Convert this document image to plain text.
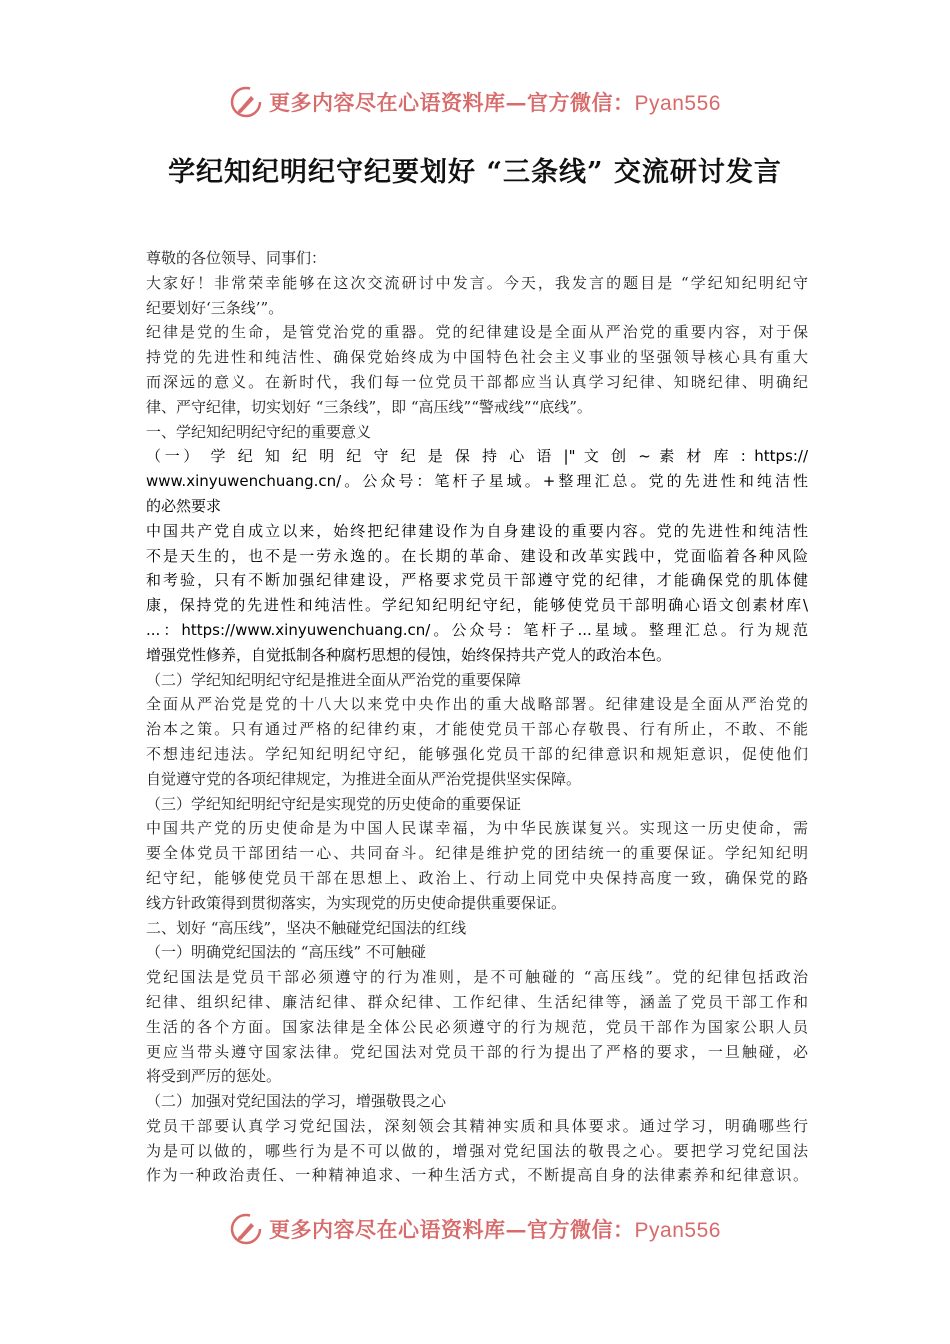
更多内容尽在心语资料库—官方微信：Pyan556
学纪知纪明纪守纪要划好 “三条线” 交流研讨发言
尊敬的各位领导、同事们：
大家好！非常荣幸能够在这次交流研讨中发言。今天，我发言的题目是 “学纪知纪明纪守
纪要划好‘三条线’”。
纪律是党的生命，是管党治党的重器。党的纪律建设是全面从严治党的重要内容，对于保
持党的先进性和纯洁性、确保党始终成为中国特色社会主义事业的坚强领导核心具有重大
而深远的意义。在新时代，我们每一位党员干部都应当认真学习纪律、知晓纪律、明确纪
律、严守纪律，切实划好 “三条线”，即 “高压线”“警戒线”“底线”。
一、学纪知纪明纪守纪的重要意义
（一） 学 纪 知 纪 明 纪 守 纪 是 保 持 心 语 |" 文 创 ~ 素 材 库 : https://
www.xinyuwenchuang.cn/。公众号：笔杆子星域。+整理汇总。党的先进性和纯洁性
的必然要求
中国共产党自成立以来，始终把纪律建设作为自身建设的重要内容。党的先进性和纯洁性
不是天生的，也不是一劳永逸的。在长期的革命、建设和改革实践中，党面临着各种风险
和考验，只有不断加强纪律建设，严格要求党员干部遵守党的纪律，才能确保党的肌体健
康，保持党的先进性和纯洁性。学纪知纪明纪守纪，能够使党员干部明确心语文创素材库\
...：https://www.xinyuwenchuang.cn/。公众号：笔杆子...星域。整理汇总。行为规范
增强党性修养，自觉抵制各种腐朽思想的侵蚀，始终保持共产党人的政治本色。
（二）学纪知纪明纪守纪是推进全面从严治党的重要保障
全面从严治党是党的十八大以来党中央作出的重大战略部署。纪律建设是全面从严治党的
治本之策。只有通过严格的纪律约束，才能使党员干部心存敬畏、行有所止，不敢、不能
不想违纪违法。学纪知纪明纪守纪，能够强化党员干部的纪律意识和规矩意识，促使他们
自觉遵守党的各项纪律规定，为推进全面从严治党提供坚实保障。
（三）学纪知纪明纪守纪是实现党的历史使命的重要保证
中国共产党的历史使命是为中国人民谋幸福，为中华民族谋复兴。实现这一历史使命，需
要全体党员干部团结一心、共同奋斗。纪律是维护党的团结统一的重要保证。学纪知纪明
纪守纪，能够使党员干部在思想上、政治上、行动上同党中央保持高度一致，确保党的路
线方针政策得到贯彻落实，为实现党的历史使命提供重要保证。
二、划好 “高压线”，坚决不触碰党纪国法的红线
（一）明确党纪国法的 “高压线” 不可触碰
党纪国法是党员干部必须遵守的行为准则，是不可触碰的 “高压线”。党的纪律包括政治
纪律、组织纪律、廉洁纪律、群众纪律、工作纪律、生活纪律等，涵盖了党员干部工作和
生活的各个方面。国家法律是全体公民必须遵守的行为规范，党员干部作为国家公职人员
更应当带头遵守国家法律。党纪国法对党员干部的行为提出了严格的要求，一旦触碰，必
将受到严厉的惩处。
（二）加强对党纪国法的学习，增强敬畏之心
党员干部要认真学习党纪国法，深刻领会其精神实质和具体要求。通过学习，明确哪些行
为是可以做的，哪些行为是不可以做的，增强对党纪国法的敬畏之心。要把学习党纪国法
作为一种政治责任、一种精神追求、一种生活方式，不断提高自身的法律素养和纪律意识。
更多内容尽在心语资料库—官方微信：Pyan556
